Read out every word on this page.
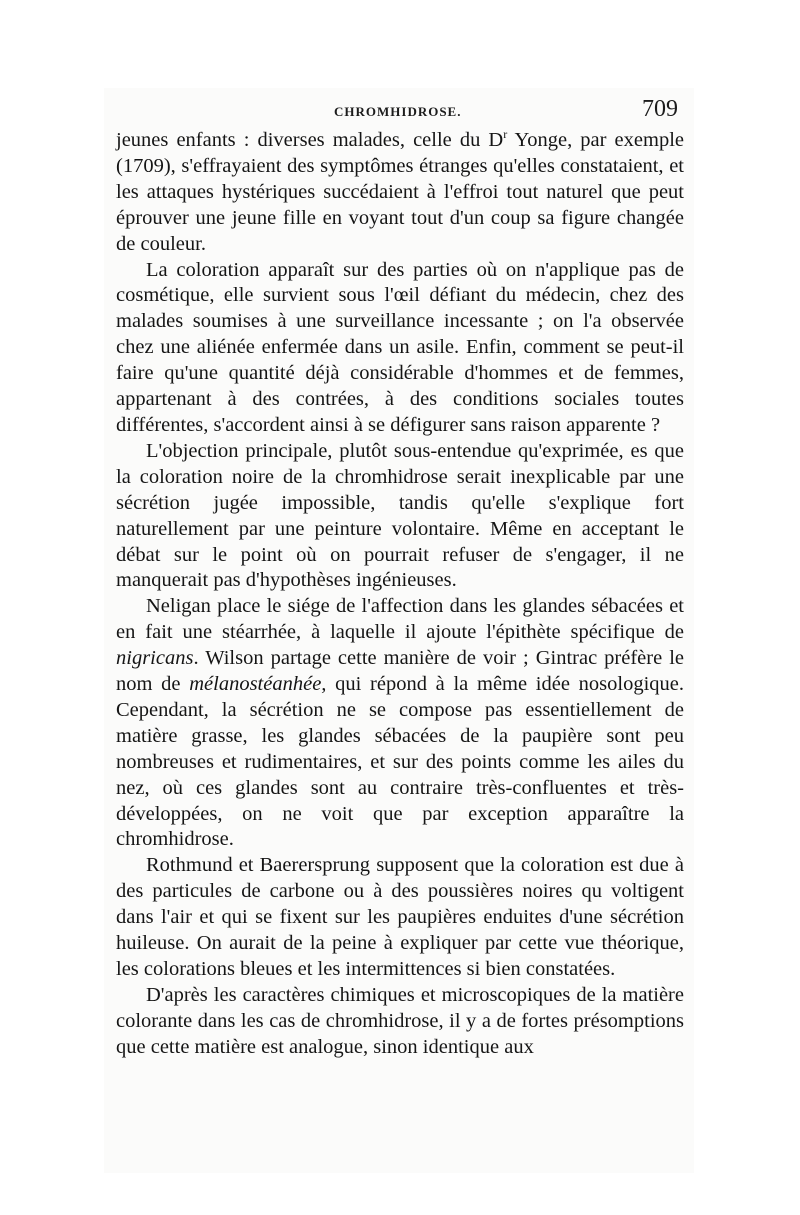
CHROMHIDROSE.	709

jeunes enfants : diverses malades, celle du $D^r$ Yonge, par exemple (1709), s'effrayaient des symptômes étranges qu'elles constataient, et les attaques hystériques succédaient à l'effroi tout naturel que peut éprouver une jeune fille en voyant tout d'un coup sa figure changée de couleur.

La coloration apparaît sur des parties où on n'applique pas de cosmétique, elle survient sous l'œil défiant du médecin, chez des malades soumises à une surveillance incessante ; on l'a observée chez une aliénée enfermée dans un asile. Enfin, comment se peut-il faire qu'une quantité déjà considérable d'hommes et de femmes, appartenant à des contrées, à des conditions sociales toutes différentes, s'accordent ainsi à se défigurer sans raison apparente ?

L'objection principale, plutôt sous-entendue qu'exprimée, es que la coloration noire de la chromhidrose serait inexplicable par une sécrétion jugée impossible, tandis qu'elle s'explique fort naturellement par une peinture volontaire. Même en acceptant le débat sur le point où on pourrait refuser de s'engager, il ne manquerait pas d'hypothèses ingénieuses.

Neligan place le siége de l'affection dans les glandes sébacées et en fait une stéarrhée, à laquelle il ajoute l'épithète spécifique de nigricans. Wilson partage cette manière de voir ; Gintrac préfère le nom de mélanostéanhée, qui répond à la même idée nosologique. Cependant, la sécrétion ne se compose pas essentiellement de matière grasse, les glandes sébacées de la paupière sont peu nombreuses et rudimentaires, et sur des points comme les ailes du nez, où ces glandes sont au contraire très-confluentes et très-développées, on ne voit que par exception apparaître la chromhidrose.

Rothmund et Baerersprung supposent que la coloration est due à des particules de carbone ou à des poussières noires qu voltigent dans l'air et qui se fixent sur les paupières enduites d'une sécrétion huileuse. On aurait de la peine à expliquer par cette vue théorique, les colorations bleues et les intermittences si bien constatées.

D'après les caractères chimiques et microscopiques de la matière colorante dans les cas de chromhidrose, il y a de fortes présomptions que cette matière est analogue, sinon identique aux
